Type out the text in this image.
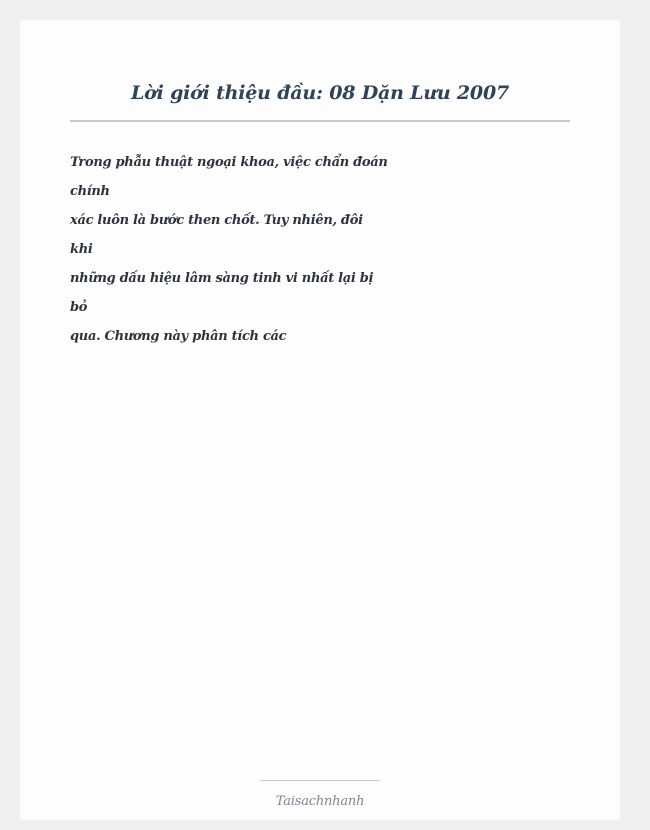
Lời giới thiệu đầu: 08 Dặn Lưu 2007
Trong phẫu thuật ngoại khoa, việc chẩn đoán
chính
xác luôn là bước then chốt. Tuy nhiên, đôi
khi
những dấu hiệu lâm sàng tinh vi nhất lại bị
bỏ
qua. Chương này phân tích các
Taisachnhanh
